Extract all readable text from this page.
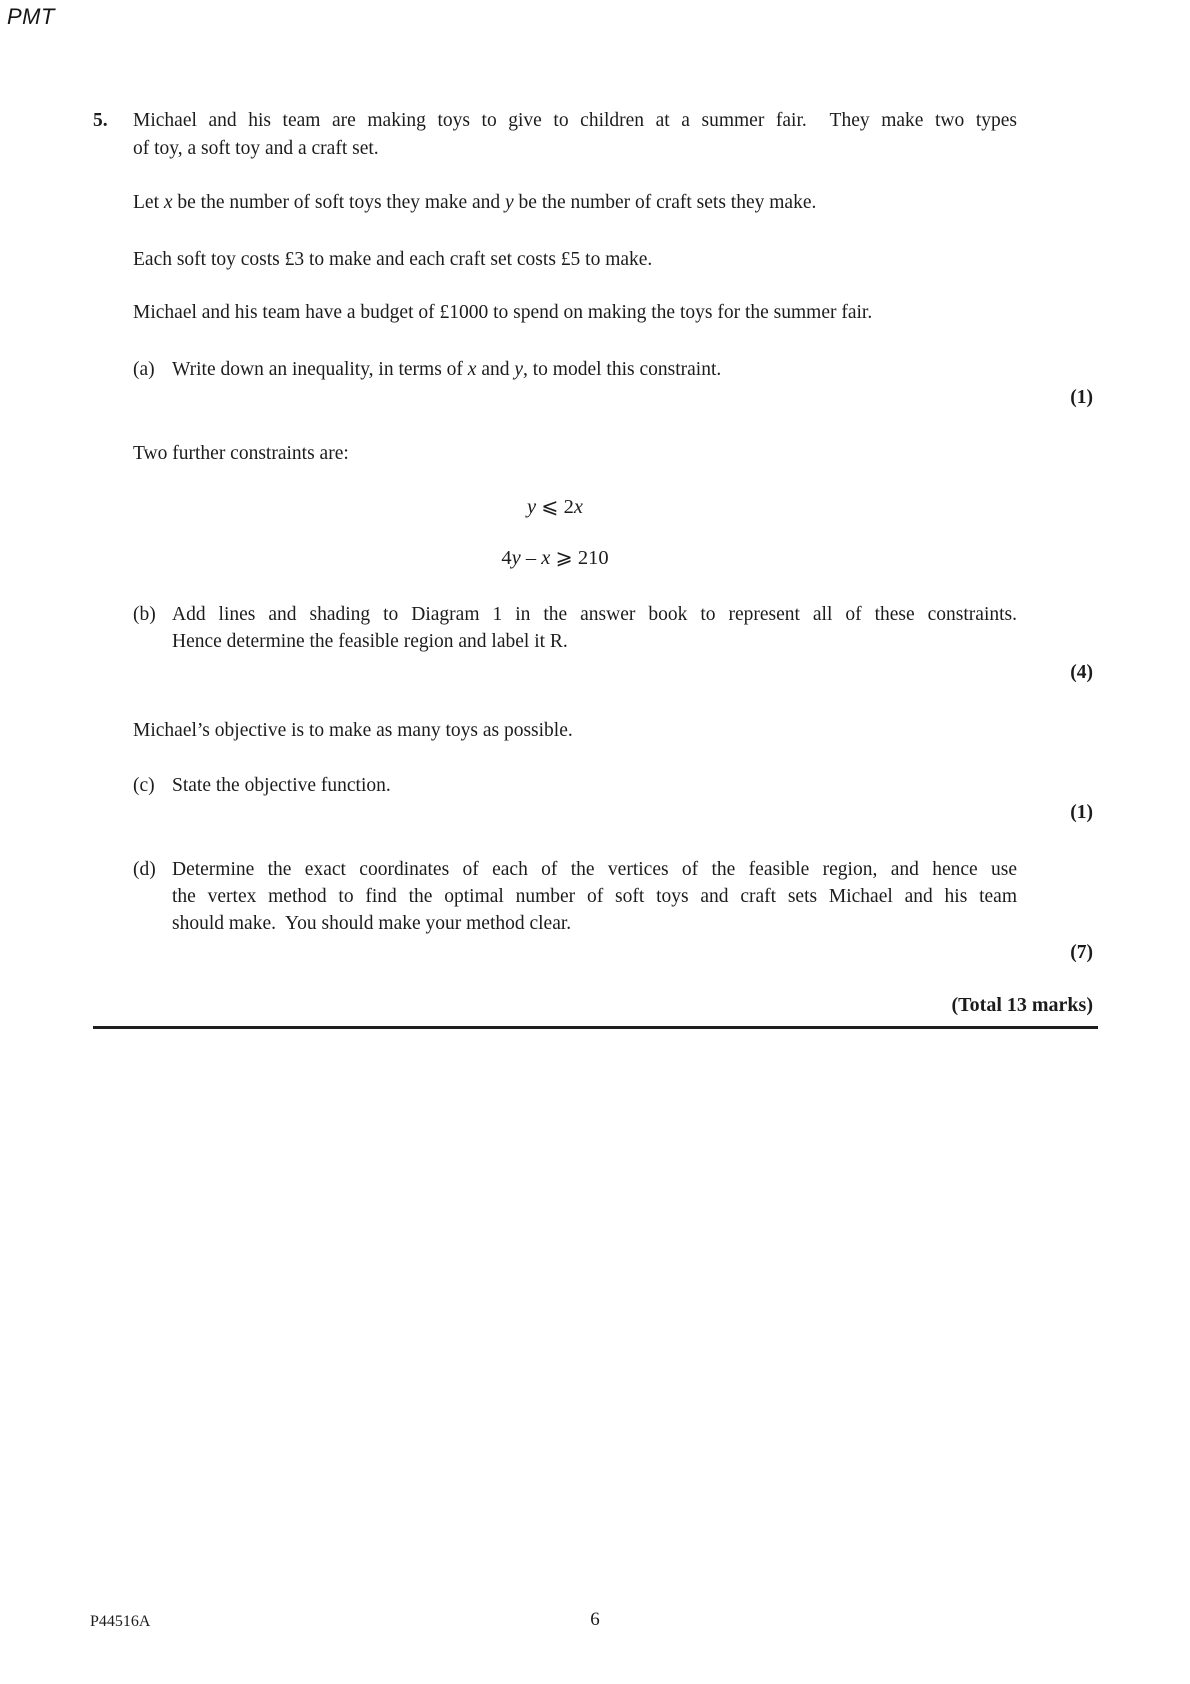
PMT
5. Michael and his team are making toys to give to children at a summer fair.  They make two types
of toy, a soft toy and a craft set.
Let x be the number of soft toys they make and y be the number of craft sets they make.
Each soft toy costs £3 to make and each craft set costs £5 to make.
Michael and his team have a budget of £1000 to spend on making the toys for the summer fair.
(a) Write down an inequality, in terms of x and y, to model this constraint.
(1)
Two further constraints are:
y ⩽ 2x
4y – x ⩾ 210
(b) Add lines and shading to Diagram 1 in the answer book to represent all of these constraints.
Hence determine the feasible region and label it R.
(4)
Michael’s objective is to make as many toys as possible.
(c) State the objective function.
(1)
(d) Determine the exact coordinates of each of the vertices of the feasible region, and hence use
the vertex method to find the optimal number of soft toys and craft sets Michael and his team
should make.  You should make your method clear.
(7)
(Total 13 marks)
P44516A	6
